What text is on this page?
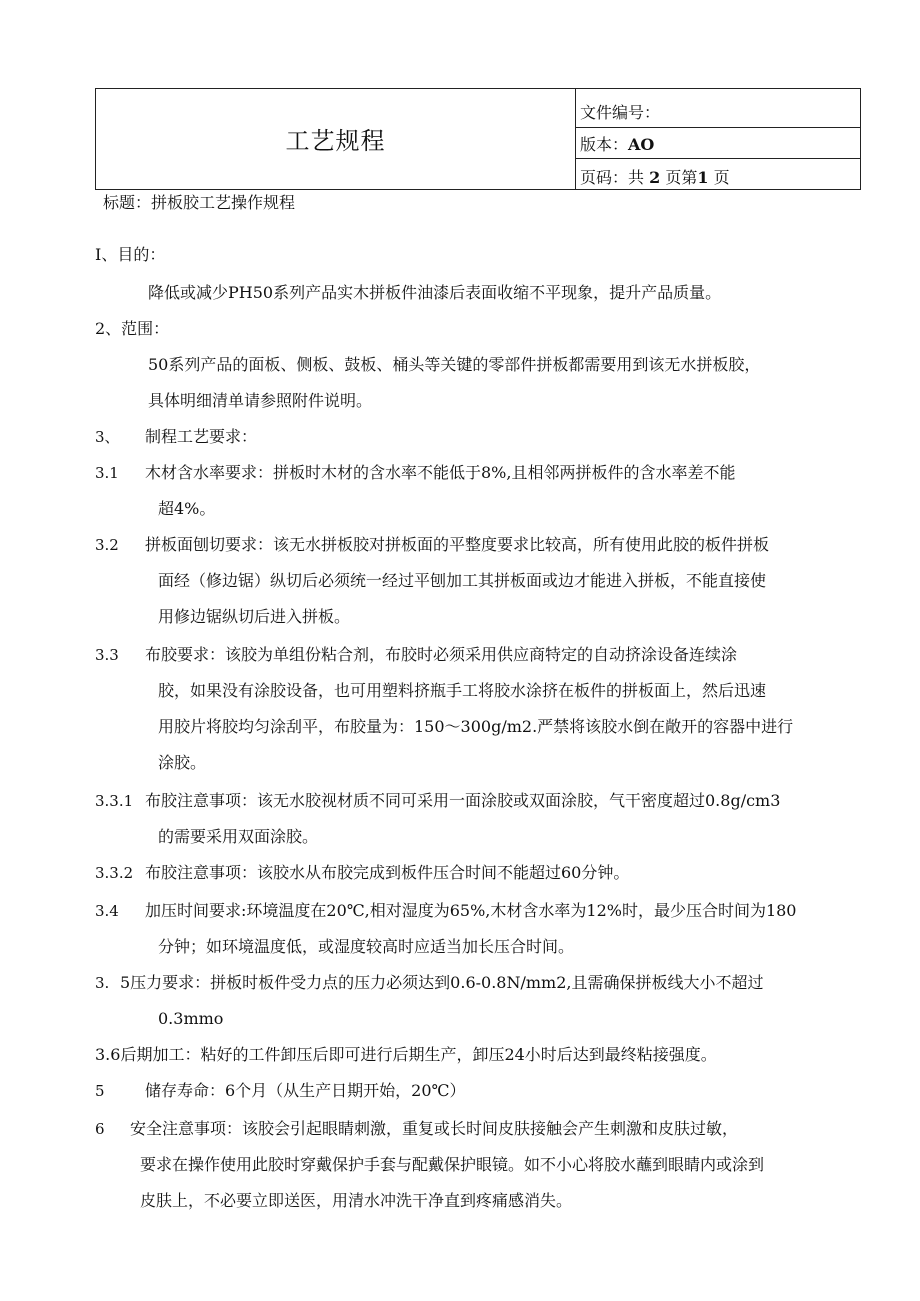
工艺规程
文件编号：
版本：AO
页码：共 2 页第1 页
标题：拼板胶工艺操作规程
I、目的：
降低或减少PH50系列产品实木拼板件油漆后表面收缩不平现象，提升产品质量。
2、范围：
50系列产品的面板、侧板、鼓板、桶头等关键的零部件拼板都需要用到该无水拼板胶，
具体明细清单请参照附件说明。
3、 制程工艺要求：
3.1 木材含水率要求：拼板时木材的含水率不能低于8%,且相邻两拼板件的含水率差不能
超4%。
3.2 拼板面刨切要求：该无水拼板胶对拼板面的平整度要求比较高，所有使用此胶的板件拼板
面经（修边锯）纵切后必须统一经过平刨加工其拼板面或边才能进入拼板，不能直接使
用修边锯纵切后进入拼板。
3.3 布胶要求：该胶为单组份粘合剂，布胶时必须采用供应商特定的自动挤涂设备连续涂
胶，如果没有涂胶设备，也可用塑料挤瓶手工将胶水涂挤在板件的拼板面上，然后迅速
用胶片将胶均匀涂刮平，布胶量为：150～300g∕m2.严禁将该胶水倒在敞开的容器中进行
涂胶。
3.3.1 布胶注意事项：该无水胶视材质不同可采用一面涂胶或双面涂胶，气干密度超过0.8g∕cm3
的需要采用双面涂胶。
3.3.2 布胶注意事项：该胶水从布胶完成到板件压合时间不能超过60分钟。
3.4 加压时间要求:环境温度在20℃,相对湿度为65%,木材含水率为12%时，最少压合时间为180
分钟；如环境温度低，或湿度较高时应适当加长压合时间。
3. 5压力要求：拼板时板件受力点的压力必须达到0.6-0.8N∕mm2,且需确保拼板线大小不超过
0.3mmo
3.6后期加工：粘好的工件卸压后即可进行后期生产，卸压24小时后达到最终粘接强度。
5	储存寿命：6个月（从生产日期开始，20℃）
6 安全注意事项：该胶会引起眼睛刺激，重复或长时间皮肤接触会产生刺激和皮肤过敏，
要求在操作使用此胶时穿戴保护手套与配戴保护眼镜。如不小心将胶水蘸到眼睛内或涂到
皮肤上，不必要立即送医，用清水冲洗干净直到疼痛感消失。
